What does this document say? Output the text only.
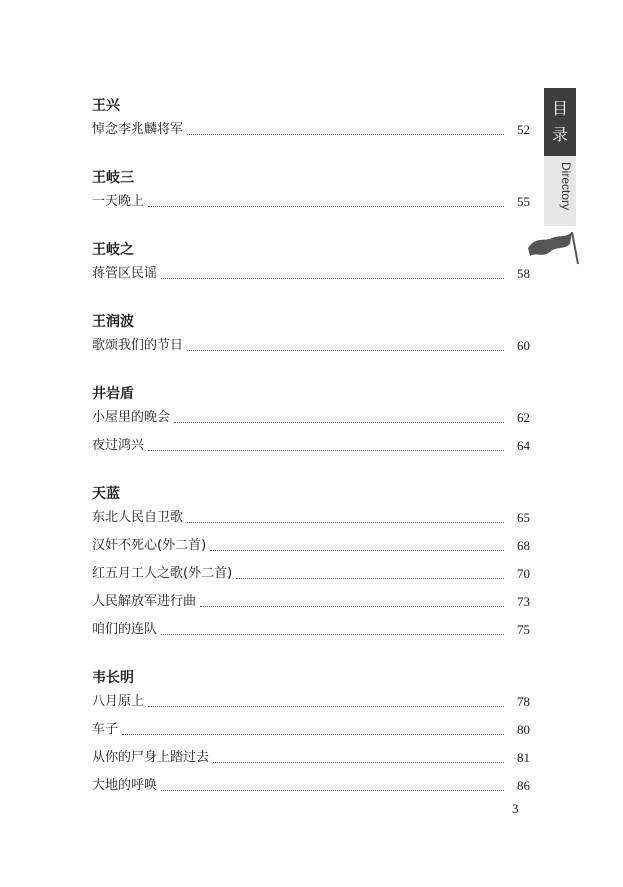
目
录
Directory
王兴
悼念李兆麟将军	52
王岐三
一天晚上	55
王岐之
蒋管区民谣	58
王润波
歌颂我们的节日	60
井岩盾
小屋里的晚会	62
夜过鸿兴	64
天蓝
东北人民自卫歌	65
汉奸不死心(外二首)	68
红五月工人之歌(外二首)	70
人民解放军进行曲	73
咱们的连队	75
韦长明
八月原上	78
车子	80
从你的尸身上踏过去	81
大地的呼唤	86
3
